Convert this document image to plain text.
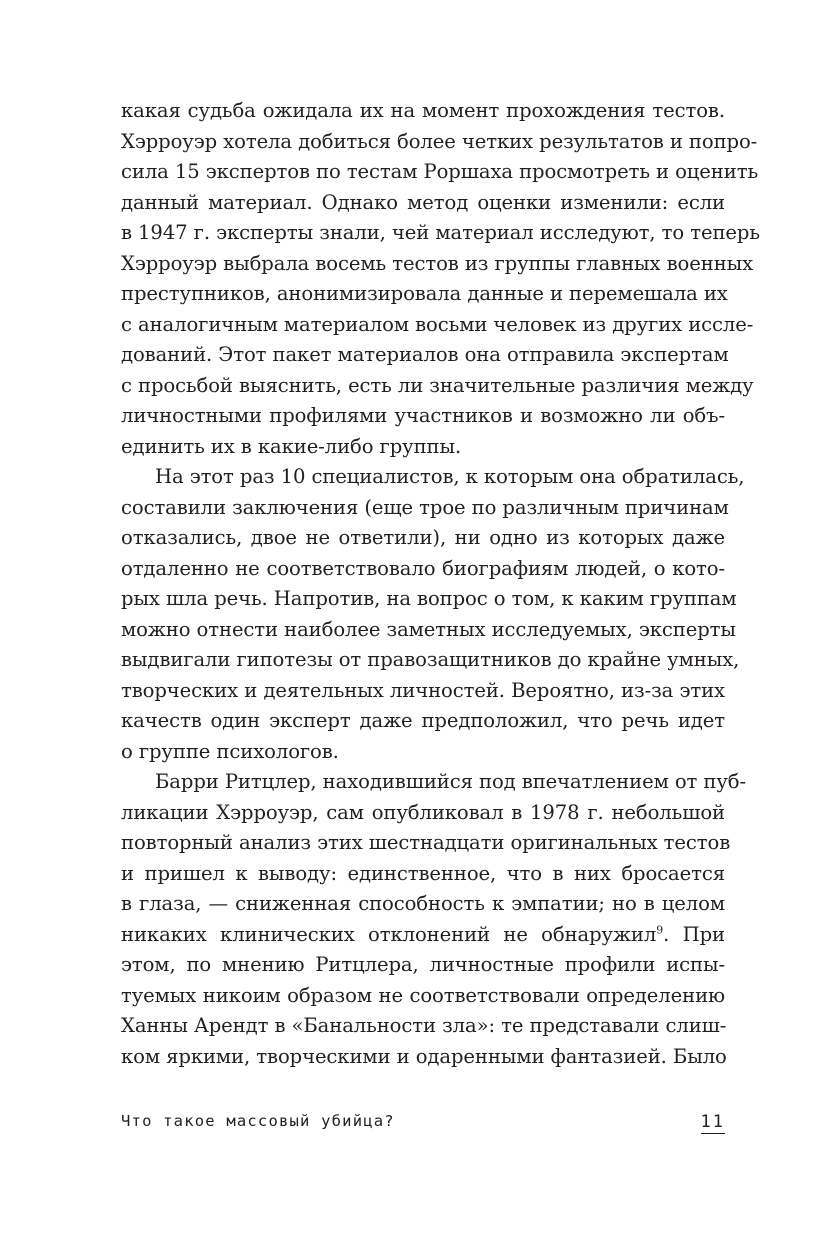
какая судьба ожидала их на момент прохождения тестов.
Хэрроуэр хотела добиться более четких результатов и попро-
сила 15 экспертов по тестам Роршаха просмотреть и оценить
данный материал. Однако метод оценки изменили: если
в 1947 г. эксперты знали, чей материал исследуют, то теперь
Хэрроуэр выбрала восемь тестов из группы главных военных
преступников, анонимизировала данные и перемешала их
с аналогичным материалом восьми человек из других иссле-
дований. Этот пакет материалов она отправила экспертам
с просьбой выяснить, есть ли значительные различия между
личностными профилями участников и возможно ли объ-
единить их в какие-либо группы.
На этот раз 10 специалистов, к которым она обратилась,
составили заключения (еще трое по различным причинам
отказались, двое не ответили), ни одно из которых даже
отдаленно не соответствовало биографиям людей, о кото-
рых шла речь. Напротив, на вопрос о том, к каким группам
можно отнести наиболее заметных исследуемых, эксперты
выдвигали гипотезы от правозащитников до крайне умных,
творческих и деятельных личностей. Вероятно, из-за этих
качеств один эксперт даже предположил, что речь идет
о группе психологов.
Барри Ритцлер, находившийся под впечатлением от пуб-
ликации Хэрроуэр, сам опубликовал в 1978 г. небольшой
повторный анализ этих шестнадцати оригинальных тестов
и пришел к выводу: единственное, что в них бросается
в глаза, — сниженная способность к эмпатии; но в целом
никаких клинических отклонений не обнаружил$^9$. При
этом, по мнению Ритцлера, личностные профили испы-
туемых никоим образом не соответствовали определению
Ханны Арендт в «Банальности зла»: те представали слиш-
ком яркими, творческими и одаренными фантазией. Было
Что такое массовый убийца?	11
